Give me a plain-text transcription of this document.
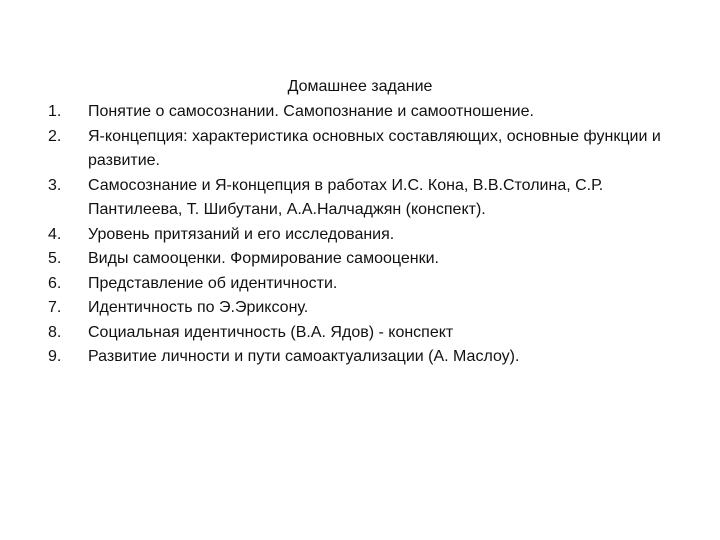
Домашнее задание
1.	Понятие о самосознании. Самопознание и самоотношение.
2.	Я-концепция: характеристика основных составляющих, основные функции и развитие.
3.	Самосознание и Я-концепция в работах И.С. Кона, В.В.Столина, С.Р. Пантилеева, Т. Шибутани, А.А.Налчаджян (конспект).
4.	Уровень притязаний и его исследования.
5.	Виды самооценки. Формирование самооценки.
6.	Представление об идентичности.
7.	Идентичность по Э.Эриксону.
8.	Социальная идентичность (В.А. Ядов) - конспект
9.	Развитие личности и пути самоактуализации (А. Маслоу).
